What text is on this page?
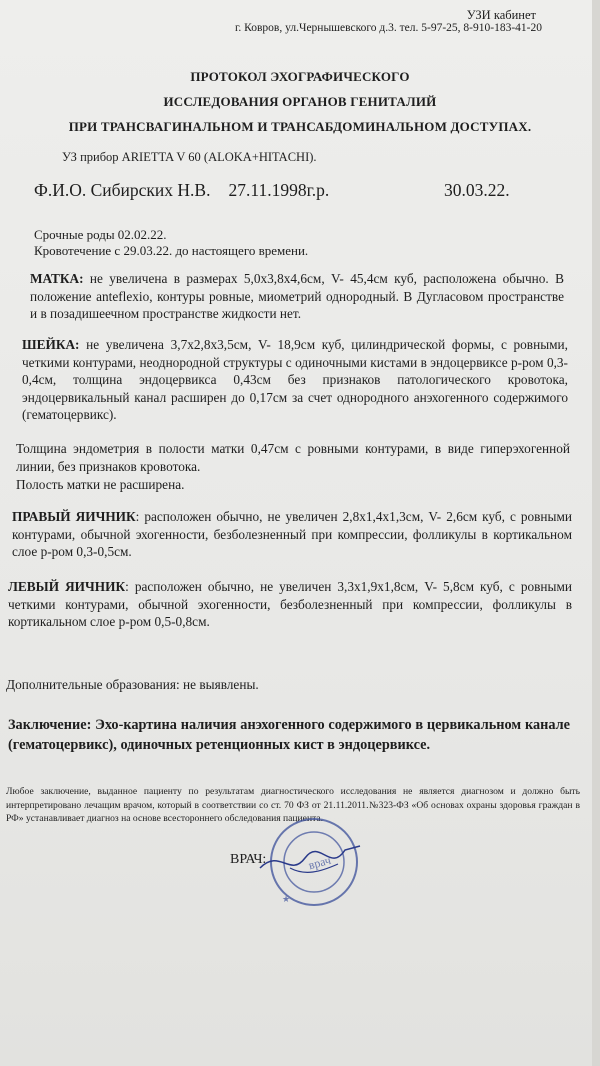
УЗИ кабинет
г. Ковров, ул.Чернышевского д.3. тел. 5-97-25, 8-910-183-41-20
ПРОТОКОЛ ЭХОГРАФИЧЕСКОГО
ИССЛЕДОВАНИЯ ОРГАНОВ ГЕНИТАЛИЙ
ПРИ ТРАНСВАГИНАЛЬНОМ И ТРАНСАБДОМИНАЛЬНОМ ДОСТУПАХ.
УЗ прибор ARIETTA V 60 (ALOKA+HITACHI).
Ф.И.О. Сибирских Н.В. 27.11.1998г.р.	30.03.22.
Срочные роды 02.02.22.
Кровотечение с 29.03.22. до настоящего времени.
МАТКА: не увеличена в размерах 5,0х3,8х4,6см, V- 45,4см куб, расположена обычно. В положение anteflexio, контуры ровные, миометрий однородный. В Дугласовом пространстве и в позадишеечном пространстве жидкости нет.
ШЕЙКА: не увеличена 3,7х2,8х3,5см, V- 18,9см куб, цилиндрической формы, с ровными, четкими контурами, неоднородной структуры с одиночными кистами в эндоцервиксе р-ром 0,3-0,4см, толщина эндоцервикса 0,43см без признаков патологического кровотока, эндоцервикальный канал расширен до 0,17см за счет однородного анэхогенного содержимого (гематоцервикс).
Толщина эндометрия в полости матки 0,47см с ровными контурами, в виде гиперэхогенной линии, без признаков кровотока.
Полость матки не расширена.
ПРАВЫЙ ЯИЧНИК: расположен обычно, не увеличен 2,8х1,4х1,3см, V- 2,6см куб, с ровными контурами, обычной эхогенности, безболезненный при компрессии, фолликулы в кортикальном слое р-ром 0,3-0,5см.
ЛЕВЫЙ ЯИЧНИК: расположен обычно, не увеличен 3,3х1,9х1,8см, V- 5,8см куб, с ровными четкими контурами, обычной эхогенности, безболезненный при компрессии, фолликулы в кортикальном слое р-ром 0,5-0,8см.
Дополнительные образования: не выявлены.
Заключение: Эхо-картина наличия анэхогенного содержимого в цервикальном канале (гематоцервикс), одиночных ретенционных кист в эндоцервиксе.
Любое заключение, выданное пациенту по результатам диагностического исследования не является диагнозом и должно быть интерпретировано лечащим врачом, который в соответствии со ст. 70 ФЗ от 21.11.2011.№323-ФЗ «Об основах охраны здоровья граждан в РФ» устанавливает диагноз на основе всестороннего обследования пациента.
врач
★
ВРАЧ:
